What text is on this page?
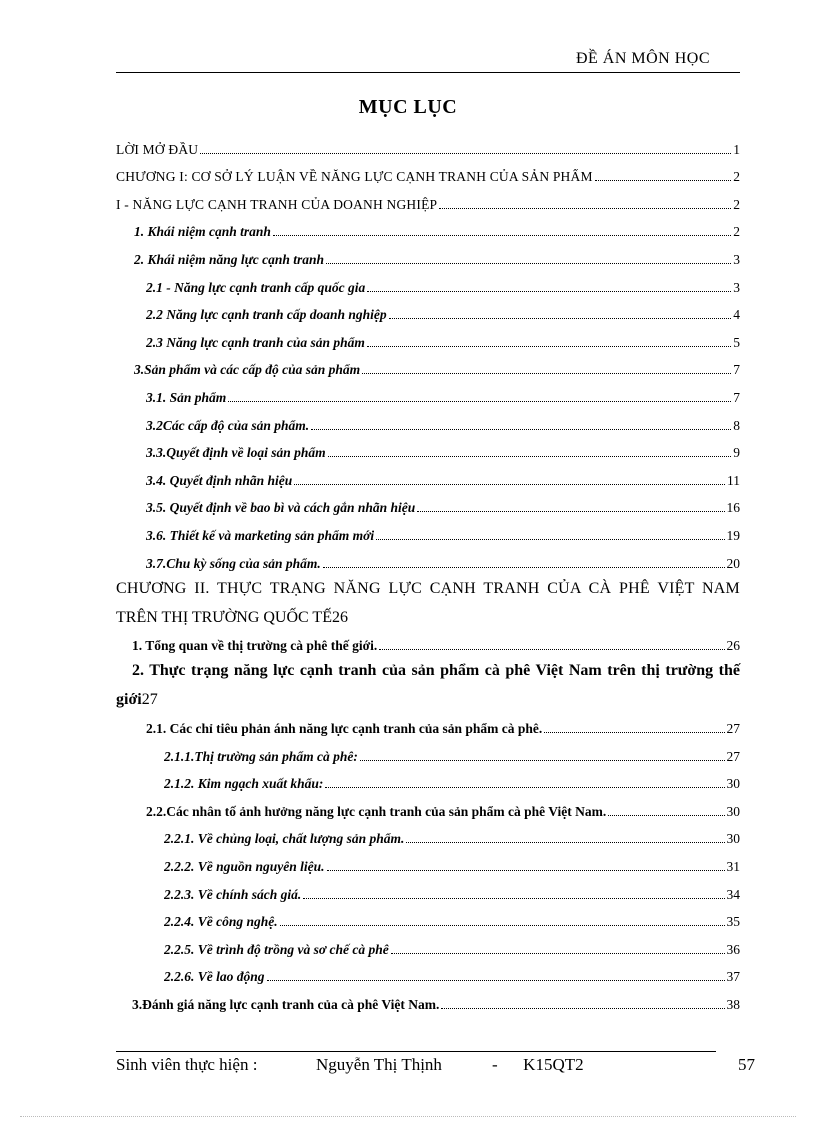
ĐỀ ÁN MÔN HỌC
MỤC LỤC
LỜI MỞ ĐẦU	1
CHƯƠNG I: CƠ SỞ LÝ LUẬN VỀ NĂNG LỰC CẠNH TRANH CỦA SẢN PHẨM	2
I - NĂNG LỰC CẠNH TRANH CỦA DOANH NGHIỆP	2
1. Khái niệm cạnh tranh	2
2. Khái niệm năng lực cạnh tranh	3
2.1 - Năng lực cạnh tranh cấp quốc gia	3
2.2 Năng lực cạnh tranh cấp doanh nghiệp	4
2.3 Năng lực cạnh tranh của sản phẩm	5
3.Sản phẩm và các cấp độ của sản phẩm	7
3.1. Sản phẩm	7
3.2Các cấp độ của sản phẩm.	8
3.3.Quyết định về loại sản phẩm	9
3.4. Quyết định nhãn hiệu	11
3.5. Quyết định về bao bì và cách gắn nhãn hiệu	16
3.6. Thiết kế và marketing sản phẩm mới	19
3.7.Chu kỳ sống của sản phẩm.	20
CHƯƠNG II. THỰC TRẠNG NĂNG LỰC CẠNH TRANH CỦA CÀ PHÊ VIỆT NAM
TRÊN THỊ TRƯỜNG QUỐC TẾ 26
1. Tổng quan về thị trường cà phê thế giới.	26
2. Thực trạng năng lực cạnh tranh của sản phẩm cà phê Việt Nam trên thị trường thế
giới 27
2.1. Các chỉ tiêu phản ánh năng lực cạnh tranh của sản phẩm cà phê.	27
2.1.1.Thị trường sản phẩm cà phê:	27
2.1.2. Kim ngạch xuất khẩu:	30
2.2.Các nhân tố ảnh hưởng năng lực cạnh tranh của sản phẩm cà phê Việt Nam.	30
2.2.1. Về chủng loại, chất lượng sản phẩm.	30
2.2.2. Về nguồn nguyên liệu.	31
2.2.3. Về chính sách giá.	34
2.2.4. Về công nghệ.	35
2.2.5. Về trình độ trồng và sơ chế cà phê	36
2.2.6. Về lao động	37
3.Đánh giá năng lực cạnh tranh của cà phê Việt Nam.	38
Sinh viên thực hiện :	Nguyễn Thị Thịnh	- K15QT2	57
